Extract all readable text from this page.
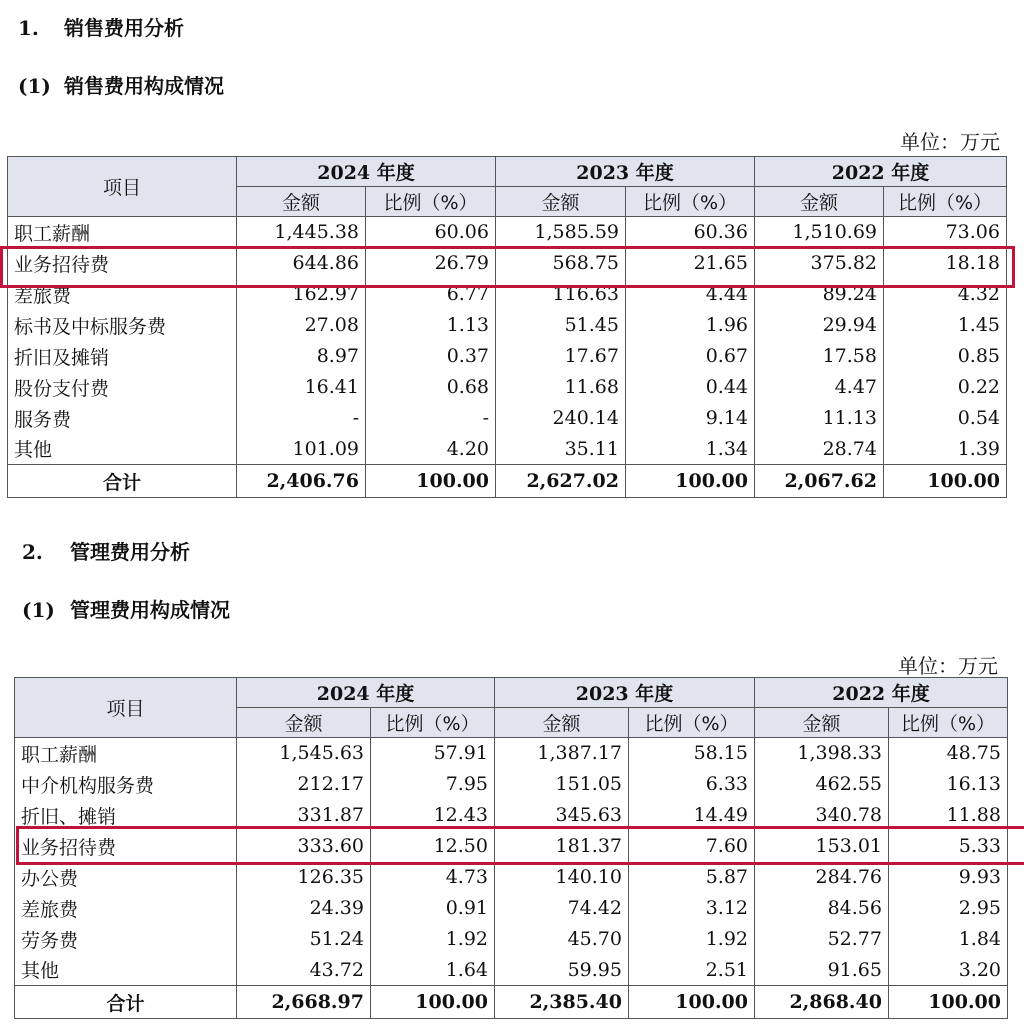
1. 销售费用分析
(1) 销售费用构成情况
单位：万元
项目	2024 年度		2023 年度		2022 年度	
	金额	比例（%）	金额	比例（%）	金额	比例（%）
职工薪酬	1,445.38	60.06	1,585.59	60.36	1,510.69	73.06
业务招待费	644.86	26.79	568.75	21.65	375.82	18.18
差旅费	162.97	6.77	116.63	4.44	89.24	4.32
标书及中标服务费	27.08	1.13	51.45	1.96	29.94	1.45
折旧及摊销	8.97	0.37	17.67	0.67	17.58	0.85
股份支付费	16.41	0.68	11.68	0.44	4.47	0.22
服务费	-	-	240.14	9.14	11.13	0.54
其他	101.09	4.20	35.11	1.34	28.74	1.39
合计	2,406.76	100.00	2,627.02	100.00	2,067.62	100.00
2. 管理费用分析
(1) 管理费用构成情况
单位：万元
项目	2024 年度		2023 年度		2022 年度	
	金额	比例（%）	金额	比例（%）	金额	比例（%）
职工薪酬	1,545.63	57.91	1,387.17	58.15	1,398.33	48.75
中介机构服务费	212.17	7.95	151.05	6.33	462.55	16.13
折旧、摊销	331.87	12.43	345.63	14.49	340.78	11.88
业务招待费	333.60	12.50	181.37	7.60	153.01	5.33
办公费	126.35	4.73	140.10	5.87	284.76	9.93
差旅费	24.39	0.91	74.42	3.12	84.56	2.95
劳务费	51.24	1.92	45.70	1.92	52.77	1.84
其他	43.72	1.64	59.95	2.51	91.65	3.20
合计	2,668.97	100.00	2,385.40	100.00	2,868.40	100.00
